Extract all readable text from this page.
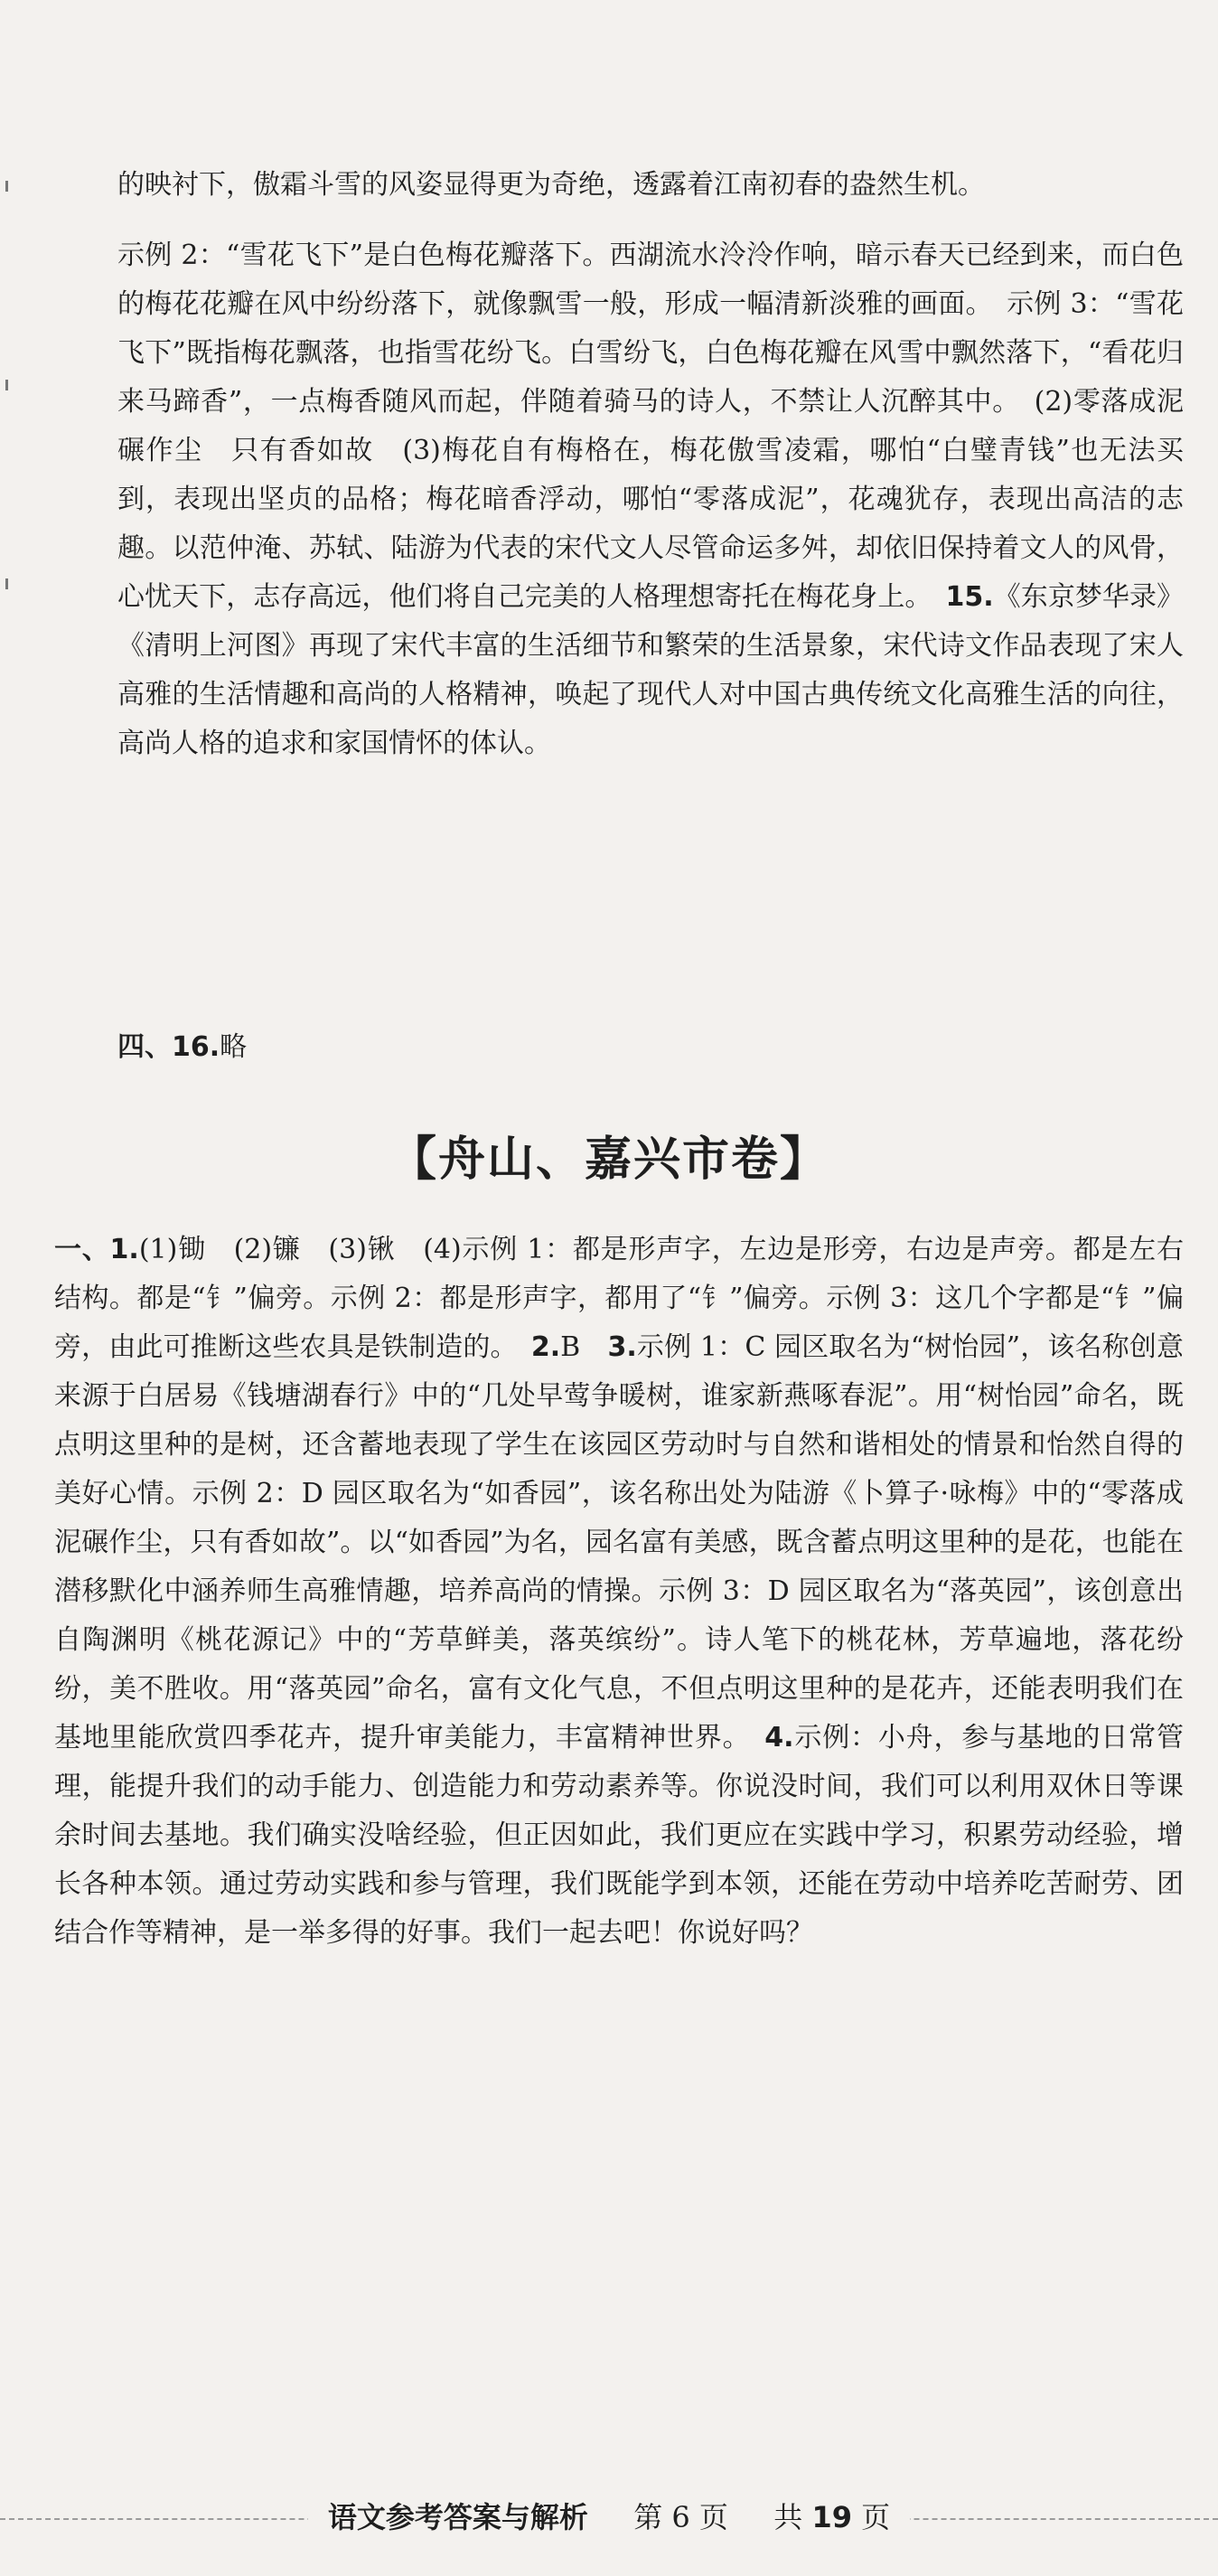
的映衬下，傲霜斗雪的风姿显得更为奇绝，透露着江南初春的盎然生机。
示例 2：“雪花飞下”是白色梅花瓣落下。西湖流水泠泠作响，暗示春天已经到来，而白色的梅花花瓣在风中纷纷落下，就像飘雪一般，形成一幅清新淡雅的画面。　示例 3：“雪花飞下”既指梅花飘落，也指雪花纷飞。白雪纷飞，白色梅花瓣在风雪中飘然落下，“看花归来马蹄香”，一点梅香随风而起，伴随着骑马的诗人，不禁让人沉醉其中。　(2)零落成泥碾作尘　只有香如故　(3)梅花自有梅格在，梅花傲雪凌霜，哪怕“白璧青钱”也无法买到，表现出坚贞的品格；梅花暗香浮动，哪怕“零落成泥”，花魂犹存，表现出高洁的志趣。以范仲淹、苏轼、陆游为代表的宋代文人尽管命运多舛，却依旧保持着文人的风骨，心忧天下，志存高远，他们将自己完美的人格理想寄托在梅花身上。　15.《东京梦华录》《清明上河图》再现了宋代丰富的生活细节和繁荣的生活景象，宋代诗文作品表现了宋人高雅的生活情趣和高尚的人格精神，唤起了现代人对中国古典传统文化高雅生活的向往，高尚人格的追求和家国情怀的体认。
四、16.略
【舟山、嘉兴市卷】
一、1.(1)锄　(2)镰　(3)锹　(4)示例 1：都是形声字，左边是形旁，右边是声旁。都是左右结构。都是“钅”偏旁。示例 2：都是形声字，都用了“钅”偏旁。示例 3：这几个字都是“钅”偏旁，由此可推断这些农具是铁制造的。　2.B　3.示例 1：C 园区取名为“树怡园”，该名称创意来源于白居易《钱塘湖春行》中的“几处早莺争暖树，谁家新燕啄春泥”。用“树怡园”命名，既点明这里种的是树，还含蓄地表现了学生在该园区劳动时与自然和谐相处的情景和怡然自得的美好心情。示例 2：D 园区取名为“如香园”，该名称出处为陆游《卜算子·咏梅》中的“零落成泥碾作尘，只有香如故”。以“如香园”为名，园名富有美感，既含蓄点明这里种的是花，也能在潜移默化中涵养师生高雅情趣，培养高尚的情操。示例 3：D 园区取名为“落英园”，该创意出自陶渊明《桃花源记》中的“芳草鲜美，落英缤纷”。诗人笔下的桃花林，芳草遍地，落花纷纷，美不胜收。用“落英园”命名，富有文化气息，不但点明这里种的是花卉，还能表明我们在基地里能欣赏四季花卉，提升审美能力，丰富精神世界。　4.示例：小舟，参与基地的日常管理，能提升我们的动手能力、创造能力和劳动素养等。你说没时间，我们可以利用双休日等课余时间去基地。我们确实没啥经验，但正因如此，我们更应在实践中学习，积累劳动经验，增长各种本领。通过劳动实践和参与管理，我们既能学到本领，还能在劳动中培养吃苦耐劳、团结合作等精神，是一举多得的好事。我们一起去吧！你说好吗？
语文参考答案与解析 第 6 页 共 19 页
